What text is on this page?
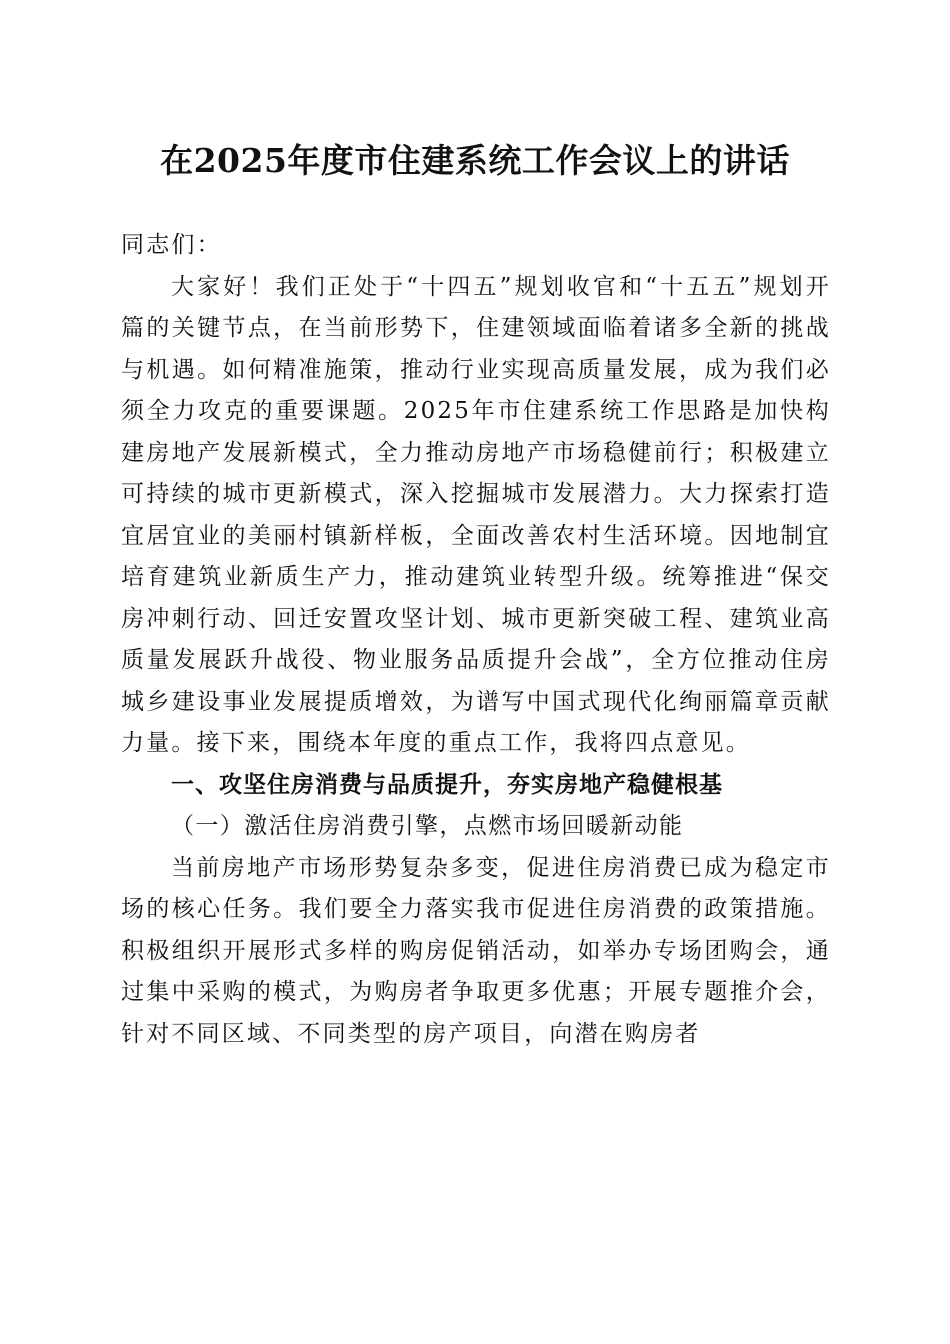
在2025年度市住建系统工作会议上的讲话

同志们：

大家好！我们正处于“十四五”规划收官和“十五五”规划开篇的关键节点，在当前形势下，住建领域面临着诸多全新的挑战与机遇。如何精准施策，推动行业实现高质量发展，成为我们必须全力攻克的重要课题。2025年市住建系统工作思路是加快构建房地产发展新模式，全力推动房地产市场稳健前行；积极建立可持续的城市更新模式，深入挖掘城市发展潜力。大力探索打造宜居宜业的美丽村镇新样板，全面改善农村生活环境。因地制宜培育建筑业新质生产力，推动建筑业转型升级。统筹推进“保交房冲刺行动、回迁安置攻坚计划、城市更新突破工程、建筑业高质量发展跃升战役、物业服务品质提升会战”，全方位推动住房城乡建设事业发展提质增效，为谱写中国式现代化绚丽篇章贡献力量。接下来，围绕本年度的重点工作，我将四点意见。

一、攻坚住房消费与品质提升，夯实房地产稳健根基

（一）激活住房消费引擎，点燃市场回暖新动能

当前房地产市场形势复杂多变，促进住房消费已成为稳定市场的核心任务。我们要全力落实我市促进住房消费的政策措施。积极组织开展形式多样的购房促销活动，如举办专场团购会，通过集中采购的模式，为购房者争取更多优惠；开展专题推介会，针对不同区域、不同类型的房产项目，向潜在购房者
